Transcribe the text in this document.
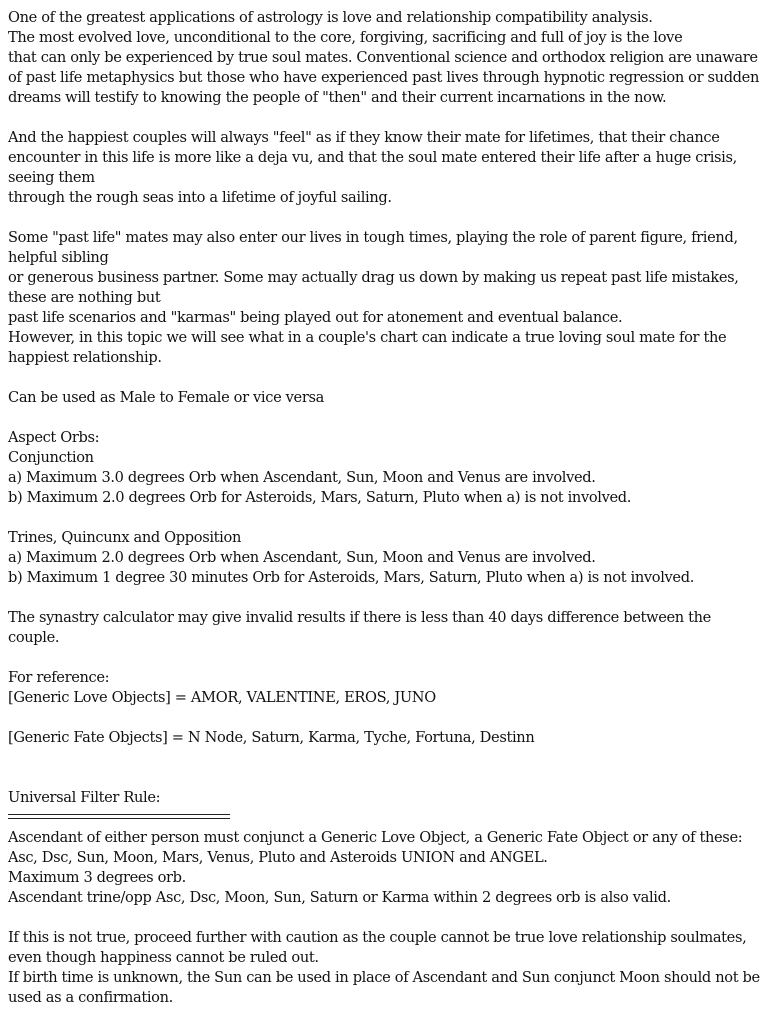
One of the greatest applications of astrology is love and relationship compatibility analysis.
The most evolved love, unconditional to the core, forgiving, sacrificing and full of joy is the love
that can only be experienced by true soul mates. Conventional science and orthodox religion are unaware
of past life metaphysics but those who have experienced past lives through hypnotic regression or sudden
dreams will testify to knowing the people of "then" and their current incarnations in the now.
And the happiest couples will always "feel" as if they know their mate for lifetimes, that their chance encounter in this life is more like a deja vu, and that the soul mate entered their life after a huge crisis, seeing them
through the rough seas into a lifetime of joyful sailing.
Some "past life" mates may also enter our lives in tough times, playing the role of parent figure, friend, helpful sibling
or generous business partner. Some may actually drag us down by making us repeat past life mistakes, these are nothing but
past life scenarios and "karmas" being played out for atonement and eventual balance.
However, in this topic we will see what in a couple's chart can indicate a true loving soul mate for the happiest relationship.
Can be used as Male to Female or vice versa
Aspect Orbs:
Conjunction
a) Maximum 3.0 degrees Orb when Ascendant, Sun, Moon and Venus are involved.
b) Maximum 2.0 degrees Orb for Asteroids, Mars, Saturn, Pluto when a) is not involved.
Trines, Quincunx and Opposition
a) Maximum 2.0 degrees Orb when Ascendant, Sun, Moon and Venus are involved.
b) Maximum 1 degree 30 minutes Orb for Asteroids, Mars, Saturn, Pluto when a) is not involved.
The synastry calculator may give invalid results if there is less than 40 days difference between the couple.
For reference:
[Generic Love Objects] = AMOR, VALENTINE, EROS, JUNO
[Generic Fate Objects] = N Node, Saturn, Karma, Tyche, Fortuna, Destinn
Universal Filter Rule:
Ascendant of either person must conjunct a Generic Love Object, a Generic Fate Object or any of these:
Asc, Dsc, Sun, Moon, Mars, Venus, Pluto and Asteroids UNION and ANGEL.
Maximum 3 degrees orb.
Ascendant trine/opp Asc, Dsc, Moon, Sun, Saturn or Karma within 2 degrees orb is also valid.
If this is not true, proceed further with caution as the couple cannot be true love relationship soulmates, even though happiness cannot be ruled out.
If birth time is unknown, the Sun can be used in place of Ascendant and Sun conjunct Moon should not be used as a confirmation.
